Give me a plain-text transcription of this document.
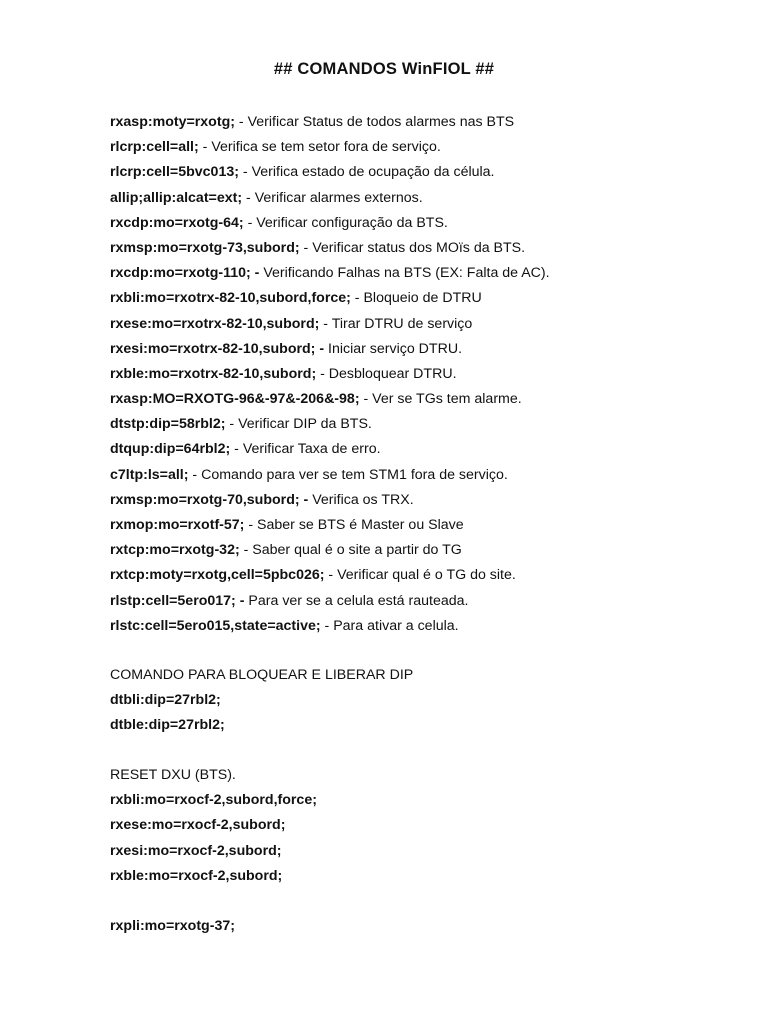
## COMANDOS WinFIOL ##
rxasp:moty=rxotg; - Verificar Status de todos alarmes nas BTS
rlcrp:cell=all; - Verifica se tem setor fora de serviço.
rlcrp:cell=5bvc013; - Verifica estado de ocupação da célula.
allip;allip:alcat=ext; - Verificar alarmes externos.
rxcdp:mo=rxotg-64; - Verificar configuração da BTS.
rxmsp:mo=rxotg-73,subord; - Verificar status dos MOïs da BTS.
rxcdp:mo=rxotg-110; - Verificando Falhas na BTS (EX: Falta de AC).
rxbli:mo=rxotrx-82-10,subord,force; - Bloqueio de DTRU
rxese:mo=rxotrx-82-10,subord; - Tirar DTRU de serviço
rxesi:mo=rxotrx-82-10,subord; - Iniciar serviço DTRU.
rxble:mo=rxotrx-82-10,subord; - Desbloquear DTRU.
rxasp:MO=RXOTG-96&-97&-206&-98; - Ver se TGs tem alarme.
dtstp:dip=58rbl2; - Verificar DIP da BTS.
dtqup:dip=64rbl2; - Verificar Taxa de erro.
c7ltp:ls=all; - Comando para ver se tem STM1 fora de serviço.
rxmsp:mo=rxotg-70,subord; - Verifica os TRX.
rxmop:mo=rxotf-57; - Saber se BTS é Master ou Slave
rxtcp:mo=rxotg-32; - Saber qual é o site a partir do TG
rxtcp:moty=rxotg,cell=5pbc026; - Verificar qual é o TG do site.
rlstp:cell=5ero017; - Para ver se a celula está rauteada.
rlstc:cell=5ero015,state=active; - Para ativar a celula.
COMANDO PARA BLOQUEAR E LIBERAR DIP
dtbli:dip=27rbl2;
dtble:dip=27rbl2;
RESET DXU (BTS).
rxbli:mo=rxocf-2,subord,force;
rxese:mo=rxocf-2,subord;
rxesi:mo=rxocf-2,subord;
rxble:mo=rxocf-2,subord;
rxpli:mo=rxotg-37;
